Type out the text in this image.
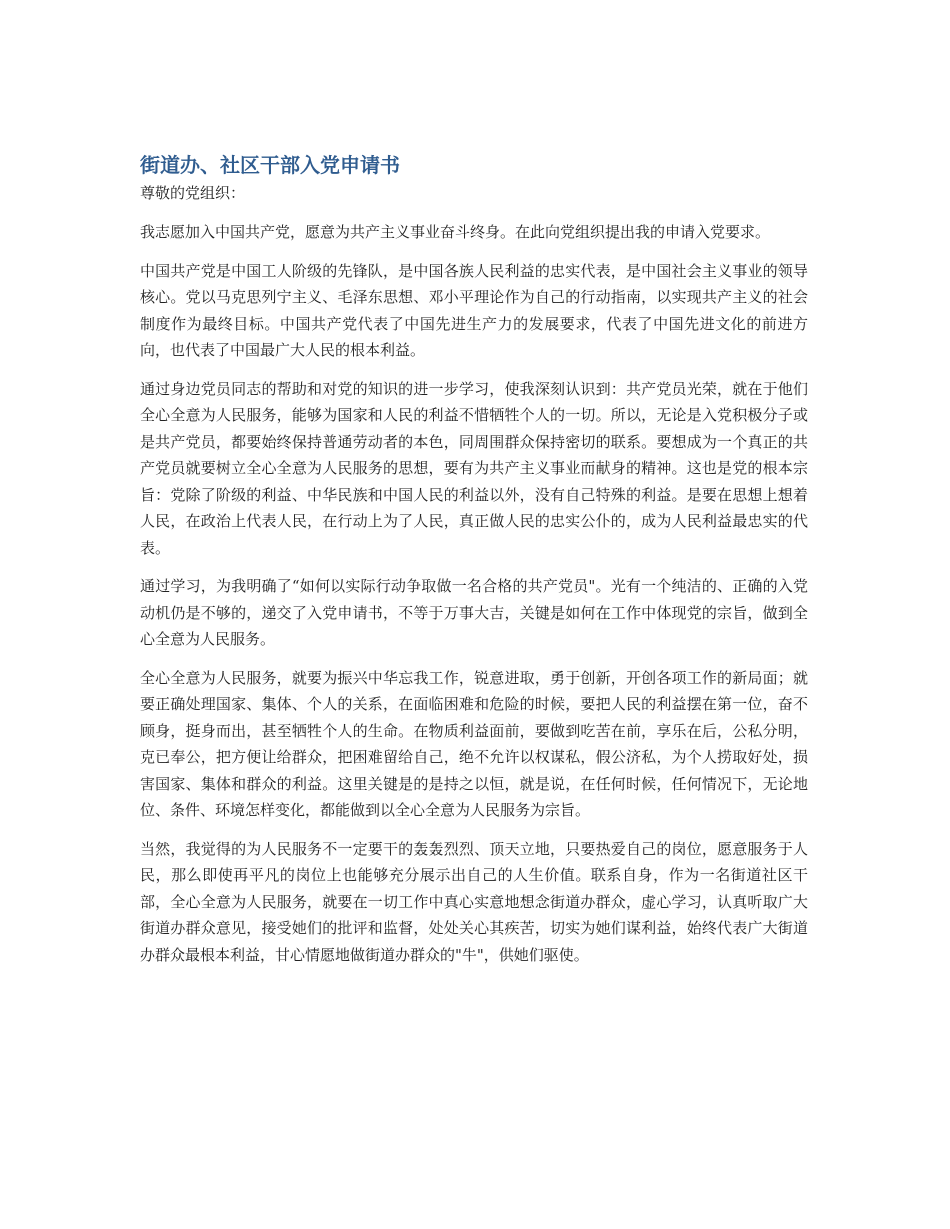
街道办、社区干部入党申请书

尊敬的党组织：

我志愿加入中国共产党，愿意为共产主义事业奋斗终身。在此向党组织提出我的申请入党要求。

中国共产党是中国工人阶级的先锋队，是中国各族人民利益的忠实代表，是中国社会主义事业的领导核心。党以马克思列宁主义、毛泽东思想、邓小平理论作为自己的行动指南，以实现共产主义的社会制度作为最终目标。中国共产党代表了中国先进生产力的发展要求，代表了中国先进文化的前进方向，也代表了中国最广大人民的根本利益。

通过身边党员同志的帮助和对党的知识的进一步学习，使我深刻认识到：共产党员光荣，就在于他们全心全意为人民服务，能够为国家和人民的利益不惜牺牲个人的一切。所以，无论是入党积极分子或是共产党员，都要始终保持普通劳动者的本色，同周围群众保持密切的联系。要想成为一个真正的共产党员就要树立全心全意为人民服务的思想，要有为共产主义事业而献身的精神。这也是党的根本宗旨：党除了阶级的利益、中华民族和中国人民的利益以外，没有自己特殊的利益。是要在思想上想着人民，在政治上代表人民，在行动上为了人民，真正做人民的忠实公仆的，成为人民利益最忠实的代表。

通过学习，为我明确了“如何以实际行动争取做一名合格的共产党员"。光有一个纯洁的、正确的入党动机仍是不够的，递交了入党申请书，不等于万事大吉，关键是如何在工作中体现党的宗旨，做到全心全意为人民服务。

全心全意为人民服务，就要为振兴中华忘我工作，锐意进取，勇于创新，开创各项工作的新局面；就要正确处理国家、集体、个人的关系，在面临困难和危险的时候，要把人民的利益摆在第一位，奋不顾身，挺身而出，甚至牺牲个人的生命。在物质利益面前，要做到吃苦在前，享乐在后，公私分明，克已奉公，把方便让给群众，把困难留给自己，绝不允许以权谋私，假公济私，为个人捞取好处，损害国家、集体和群众的利益。这里关键是的是持之以恒，就是说，在任何时候，任何情况下，无论地位、条件、环境怎样变化，都能做到以全心全意为人民服务为宗旨。

当然，我觉得的为人民服务不一定要干的轰轰烈烈、顶天立地，只要热爱自己的岗位，愿意服务于人民，那么即使再平凡的岗位上也能够充分展示出自己的人生价值。联系自身，作为一名街道社区干部，全心全意为人民服务，就要在一切工作中真心实意地想念街道办群众，虚心学习，认真听取广大街道办群众意见，接受她们的批评和监督，处处关心其疾苦，切实为她们谋利益，始终代表广大街道办群众最根本利益，甘心情愿地做街道办群众的"牛"，供她们驱使。
